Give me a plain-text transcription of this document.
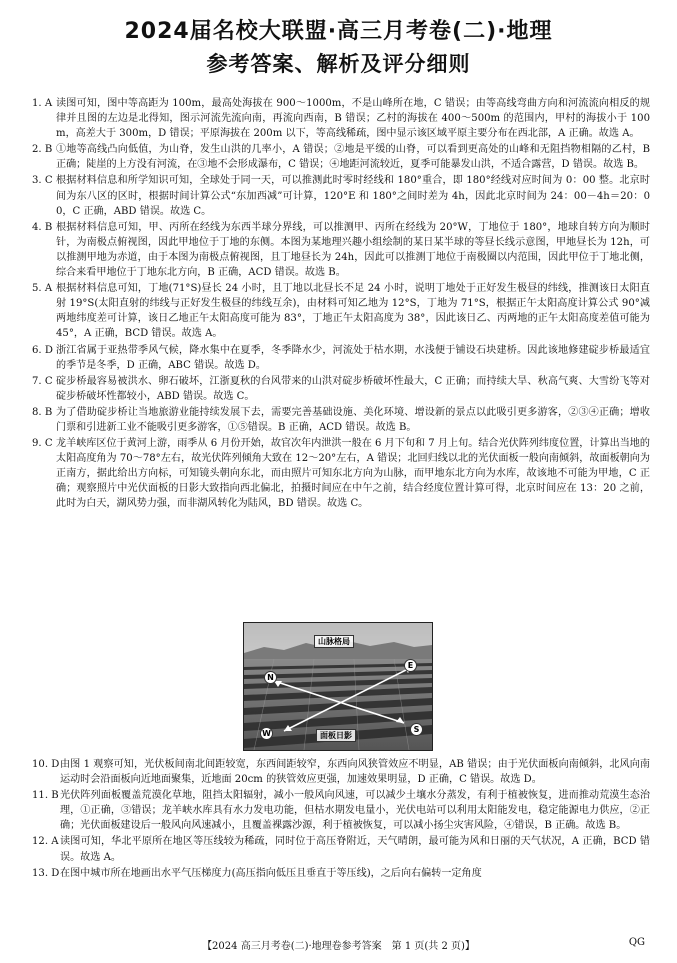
2024届名校大联盟·高三月考卷(二)·地理
参考答案、解析及评分细则
1. A 读图可知，图中等高距为 100m，最高处海拔在 900～1000m，不是山峰所在地，C 错误；由等高线弯曲方向和河流流向相反的规律并且图的左边是北得知，图示河流先流向南，再流向西南，B 错误；乙村的海拔在 400～500m 的范围内，甲村的海拔小于 100m，高差大于 300m，D 错误；平原海拔在 200m 以下，等高线稀疏，图中显示该区域平原主要分布在西北部，A 正确。故选 A。
2. B ①地等高线凸向低值，为山脊，发生山洪的几率小，A 错误；②地是平缓的山脊，可以看到更高处的山峰和无阻挡物相隔的乙村，B 正确；陡崖的上方没有河流，在③地不会形成瀑布，C 错误；④地距河流较近，夏季可能暴发山洪，不适合露营，D 错误。故选 B。
3. C 根据材料信息和所学知识可知，全球处于同一天，可以推测此时零时经线和 180°重合，即 180°经线对应时间为 0：00 整。北京时间为东八区的区时，根据时间计算公式“东加西减”可计算，120°E 和 180°之间时差为 4h，因此北京时间为 24：00－4h＝20：00，C 正确，ABD 错误。故选 C。
4. B 根据材料信息可知，甲、丙所在经线为东西半球分界线，可以推测甲、丙所在经线为 20°W，丁地位于 180°，地球自转方向为顺时针，为南极点俯视图，因此甲地位于丁地的东侧。本图为某地理兴趣小组绘制的某日某半球的等昼长线示意图，甲地昼长为 12h，可以推测甲地为赤道，由于本图为南极点俯视图，且丁地昼长为 24h，因此可以推测丁地位于南极圈以内范围，因此甲位于丁地北侧，综合来看甲地位于丁地东北方向，B 正确，ACD 错误。故选 B。
5. A 根据材料信息可知，丁地(71°S)昼长 24 小时，且丁地以北昼长不足 24 小时，说明丁地处于正好发生极昼的纬线，推测该日太阳直射 19°S(太阳直射的纬线与正好发生极昼的纬线互余)，由材料可知乙地为 12°S，丁地为 71°S，根据正午太阳高度计算公式 90°减两地纬度差可计算，该日乙地正午太阳高度可能为 83°，丁地正午太阳高度为 38°，因此该日乙、丙两地的正午太阳高度差值可能为 45°，A 正确，BCD 错误。故选 A。
6. D 浙江省属于亚热带季风气候，降水集中在夏季，冬季降水少，河流处于枯水期，水浅便于铺设石块建桥。因此该地修建碇步桥最适宜的季节是冬季，D 正确，ABC 错误。故选 D。
7. C 碇步桥最容易被洪水、卵石破坏，江浙夏秋的台风带来的山洪对碇步桥破坏性最大，C 正确；而持续大旱、秋高气爽、大雪纷飞等对碇步桥破坏性都较小，ABD 错误。故选 C。
8. B 为了借助碇步桥让当地旅游业能持续发展下去，需要完善基础设施、美化环境、增设新的景点以此吸引更多游客，②③④正确；增收门票和引进新工业不能吸引更多游客，①⑤错误。B 正确，ACD 错误。故选 B。
9. C 龙羊峡库区位于黄河上游，雨季从 6 月份开始，故官次年内泄洪一般在 6 月下旬和 7 月上旬。结合光伏阵列纬度位置，计算出当地的太阳高度角为 70～78°左右，故光伏阵列倾角大致在 12～20°左右，A 错误；北回归线以北的光伏面板一般向南倾斜，故面板朝向为正南方，据此给出方向标，可知镜头朝向东北，而由照片可知东北方向为山脉，而甲地东北方向为水库，故该地不可能为甲地，C 正确；观察照片中光伏面板的日影大致指向西北偏北，拍摄时间应在中午之前，结合经度位置计算可得，北京时间应在 13：20 之前，此时为白天，湖风势力强，而非湖风转化为陆风，BD 错误。故选 C。
山脉格局
面板日影
N
E
W	S
10. D 由图 1 观察可知，光伏板间南北间距较宽，东西间距较窄，东西向风狭管效应不明显，AB 错误；由于光伏面板向南倾斜，北风向南运动时会沿面板向近地面聚集，近地面 20cm 的狭管效应更强，加速效果明显，D 正确，C 错误。故选 D。
11. B 光伏阵列面板覆盖荒漠化草地，阻挡太阳辐射，减小一般风向风速，可以减少土壤水分蒸发，有利于植被恢复，进而推动荒漠生态治理，①正确，③错误；龙羊峡水库具有水力发电功能，但枯水期发电量小，光伏电站可以利用太阳能发电，稳定能源电力供应，②正确；光伏面板建设后一般风向风速减小，且覆盖裸露沙源，利于植被恢复，可以减小扬尘灾害风险，④错误，B 正确。故选 B。
12. A 读图可知，华北平原所在地区等压线较为稀疏，同时位于高压脊附近，天气晴朗，最可能为风和日丽的天气状况，A 正确，BCD 错误。故选 A。
13. D 在图中城市所在地画出水平气压梯度力(高压指向低压且垂直于等压线)，之后向右偏转一定角度
【2024 高三月考卷(二)·地理卷参考答案　第 1 页(共 2 页)】	QG
